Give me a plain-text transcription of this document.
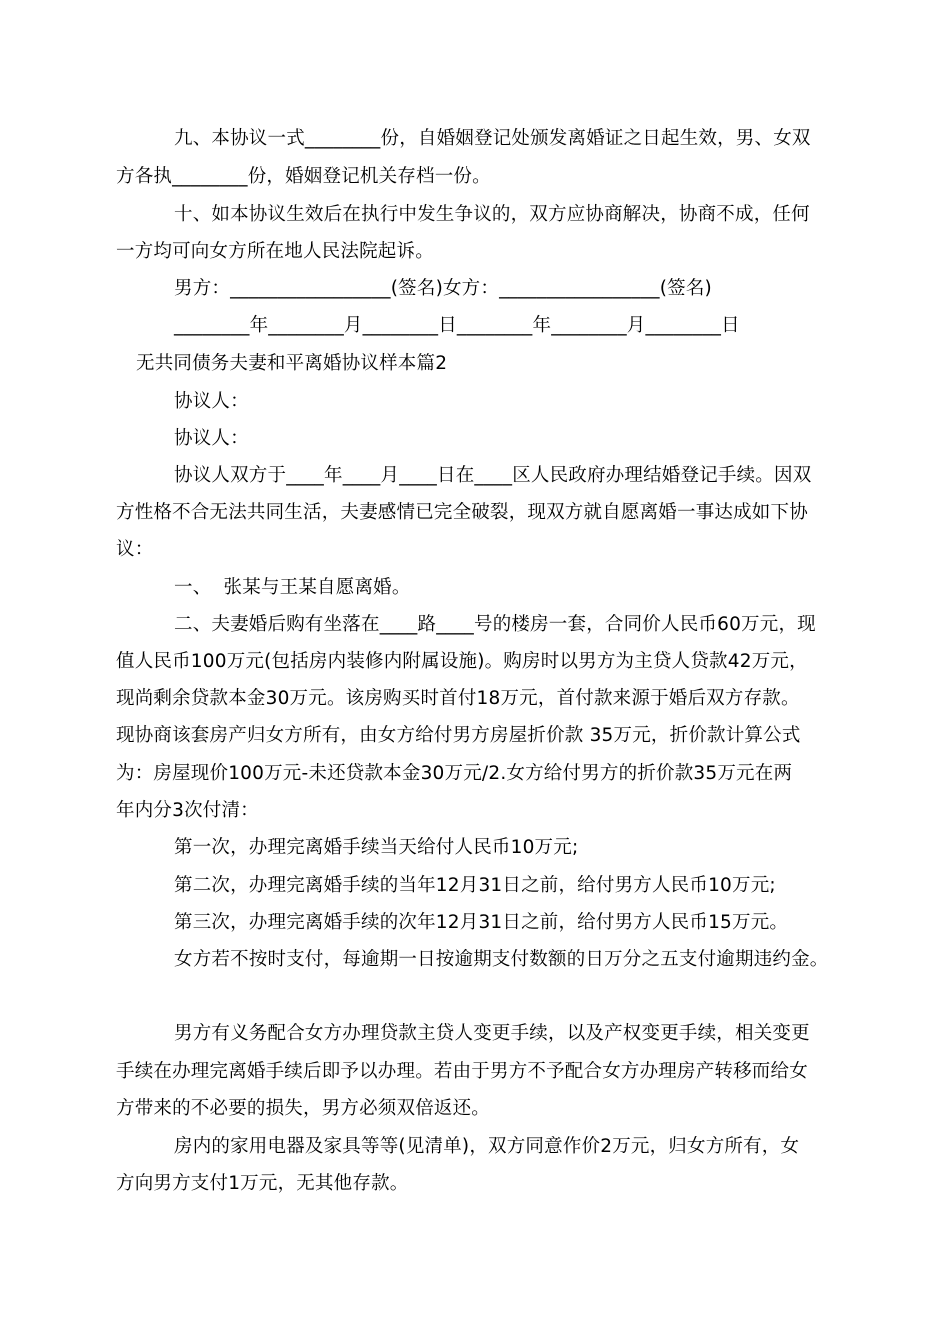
九、本协议一式________份，自婚姻登记处颁发离婚证之日起生效，男、女双
方各执________份，婚姻登记机关存档一份。
十、如本协议生效后在执行中发生争议的，双方应协商解决，协商不成，任何
一方均可向女方所在地人民法院起诉。
男方：_________________(签名)女方：_________________(签名)
________年________月________日________年________月________日
无共同债务夫妻和平离婚协议样本篇2
协议人：
协议人：
协议人双方于____年____月____日在____区人民政府办理结婚登记手续。因双
方性格不合无法共同生活，夫妻感情已完全破裂，现双方就自愿离婚一事达成如下协
议：
一、  张某与王某自愿离婚。
二、夫妻婚后购有坐落在____路____号的楼房一套，合同价人民币60万元，现
值人民币100万元(包括房内装修内附属设施)。购房时以男方为主贷人贷款42万元，
现尚剩余贷款本金30万元。该房购买时首付18万元，首付款来源于婚后双方存款。
现协商该套房产归女方所有，由女方给付男方房屋折价款 35万元，折价款计算公式
为：房屋现价100万元-未还贷款本金30万元/2.女方给付男方的折价款35万元在两
年内分3次付清：
第一次，办理完离婚手续当天给付人民币10万元;
第二次，办理完离婚手续的当年12月31日之前，给付男方人民币10万元;
第三次，办理完离婚手续的次年12月31日之前，给付男方人民币15万元。
女方若不按时支付，每逾期一日按逾期支付数额的日万分之五支付逾期违约金。
男方有义务配合女方办理贷款主贷人变更手续，以及产权变更手续，相关变更
手续在办理完离婚手续后即予以办理。若由于男方不予配合女方办理房产转移而给女
方带来的不必要的损失，男方必须双倍返还。
房内的家用电器及家具等等(见清单)，双方同意作价2万元，归女方所有，女
方向男方支付1万元，无其他存款。
